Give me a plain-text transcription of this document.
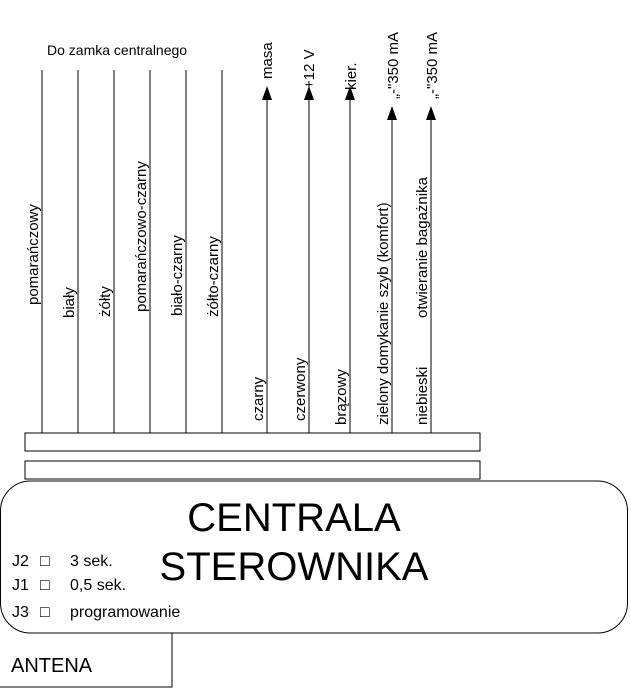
Do zamka centralnego
pomarańczowy biały żółty pomarańczowo-czarny biało-czarny żółto-czarny
masa +12 V kier. „-"350 mA „-"350 mA
czarny czerwony brązowy zielony domykanie szyb (komfort) niebieski
otwieranie bagażnika
CENTRALA
STEROWNIKA
J2 □ 3 sek.
J1 □ 0,5 sek.
J3 □ programowanie
ANTENA
